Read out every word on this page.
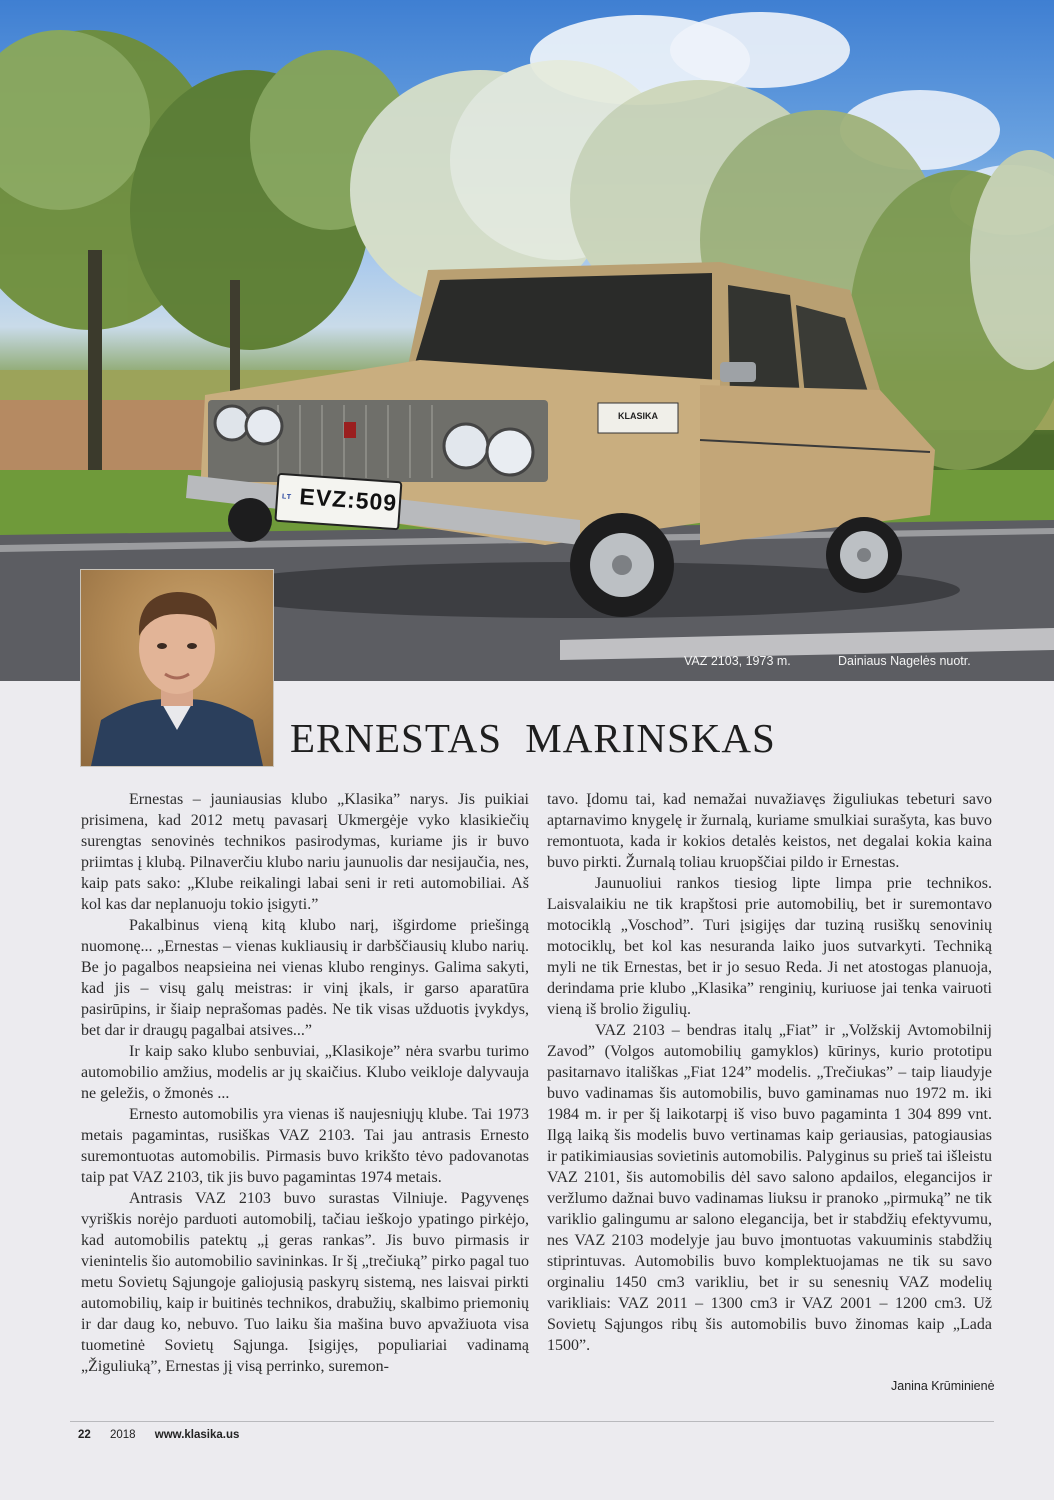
LT EVZ:509
KLASIKA
VAZ 2103, 1973 m.	Dainiaus Nagelės nuotr.
ERNESTAS MARINSKAS

Ernestas – jauniausias klubo „Klasika” narys. Jis puikiai prisimena, kad 2012 metų pavasarį Ukmergėje vyko klasikiečių surengtas senovinės technikos pasirodymas, kuriame jis ir buvo priimtas į klubą. Pilnaverčiu klubo nariu jaunuolis dar nesijaučia, nes, kaip pats sako: „Klube reikalingi labai seni ir reti automobiliai. Aš kol kas dar neplanuoju tokio įsigyti.”

Pakalbinus vieną kitą klubo narį, išgirdome priešingą nuomonę... „Ernestas – vienas kukliausių ir darbščiausių klubo narių. Be jo pagalbos neapsieina nei vienas klubo renginys. Galima sakyti, kad jis – visų galų meistras: ir vinį įkals, ir garso aparatūra pasirūpins, ir šiaip neprašomas padės. Ne tik visas užduotis įvykdys, bet dar ir draugų pagalbai atsives...”

Ir kaip sako klubo senbuviai, „Klasikoje” nėra svarbu turimo automobilio amžius, modelis ar jų skaičius. Klubo veikloje dalyvauja ne geležis, o žmonės ...

Ernesto automobilis yra vienas iš naujesniųjų klube. Tai 1973 metais pagamintas, rusiškas VAZ 2103. Tai jau antrasis Ernesto suremontuotas automobilis. Pirmasis buvo krikšto tėvo padovanotas taip pat VAZ 2103, tik jis buvo pagamintas 1974 metais.

Antrasis VAZ 2103 buvo surastas Vilniuje. Pagyvenęs vyriškis norėjo parduoti automobilį, tačiau ieškojo ypatingo pirkėjo, kad automobilis patektų „į geras rankas”. Jis buvo pirmasis ir vienintelis šio automobilio savininkas. Ir šį „trečiuką” pirko pagal tuo metu Sovietų Sąjungoje galiojusią paskyrų sistemą, nes laisvai pirkti automobilių, kaip ir buitinės technikos, drabužių, skalbimo priemonių ir dar daug ko, nebuvo. Tuo laiku šia mašina buvo apvažiuota visa tuometinė Sovietų Sąjunga. Įsigijęs, populiariai vadinamą „Žiguliuką”, Ernestas jį visą perrinko, suremon-

tavo. Įdomu tai, kad nemažai nuvažiavęs žiguliukas tebeturi savo aptarnavimo knygelę ir žurnalą, kuriame smulkiai surašyta, kas buvo remontuota, kada ir kokios detalės keistos, net degalai kokia kaina buvo pirkti. Žurnalą toliau kruopščiai pildo ir Ernestas.

Jaunuoliui rankos tiesiog lipte limpa prie technikos. Laisvalaikiu ne tik krapštosi prie automobilių, bet ir suremontavo motociklą „Voschod”. Turi įsigijęs dar tuziną rusiškų senovinių motociklų, bet kol kas nesuranda laiko juos sutvarkyti. Techniką myli ne tik Ernestas, bet ir jo sesuo Reda. Ji net atostogas planuoja, derindama prie klubo „Klasika” renginių, kuriuose jai tenka vairuoti vieną iš brolio žigulių.

VAZ 2103 – bendras italų „Fiat” ir „Volžskij Avtomobilnij Zavod” (Volgos automobilių gamyklos) kūrinys, kurio prototipu pasitarnavo itališkas „Fiat 124” modelis. „Trečiukas” – taip liaudyje buvo vadinamas šis automobilis, buvo gaminamas nuo 1972 m. iki 1984 m. ir per šį laikotarpį iš viso buvo pagaminta 1 304 899 vnt. Ilgą laiką šis modelis buvo vertinamas kaip geriausias, patogiausias ir patikimiausias sovietinis automobilis. Palyginus su prieš tai išleistu VAZ 2101, šis automobilis dėl savo salono apdailos, elegancijos ir veržlumo dažnai buvo vadinamas liuksu ir pranoko „pirmuką” ne tik variklio galingumu ar salono elegancija, bet ir stabdžių efektyvumu, nes VAZ 2103 modelyje jau buvo įmontuotas vakuuminis stabdžių stiprintuvas. Automobilis buvo komplektuojamas ne tik su savo orginaliu 1450 cm3 varikliu, bet ir su senesnių VAZ modelių varikliais: VAZ 2011 – 1300 cm3 ir VAZ 2001 – 1200 cm3. Už Sovietų Sąjungos ribų šis automobilis buvo žinomas kaip „Lada 1500”.

Janina Krūminienė
22 2018 www.klasika.us
